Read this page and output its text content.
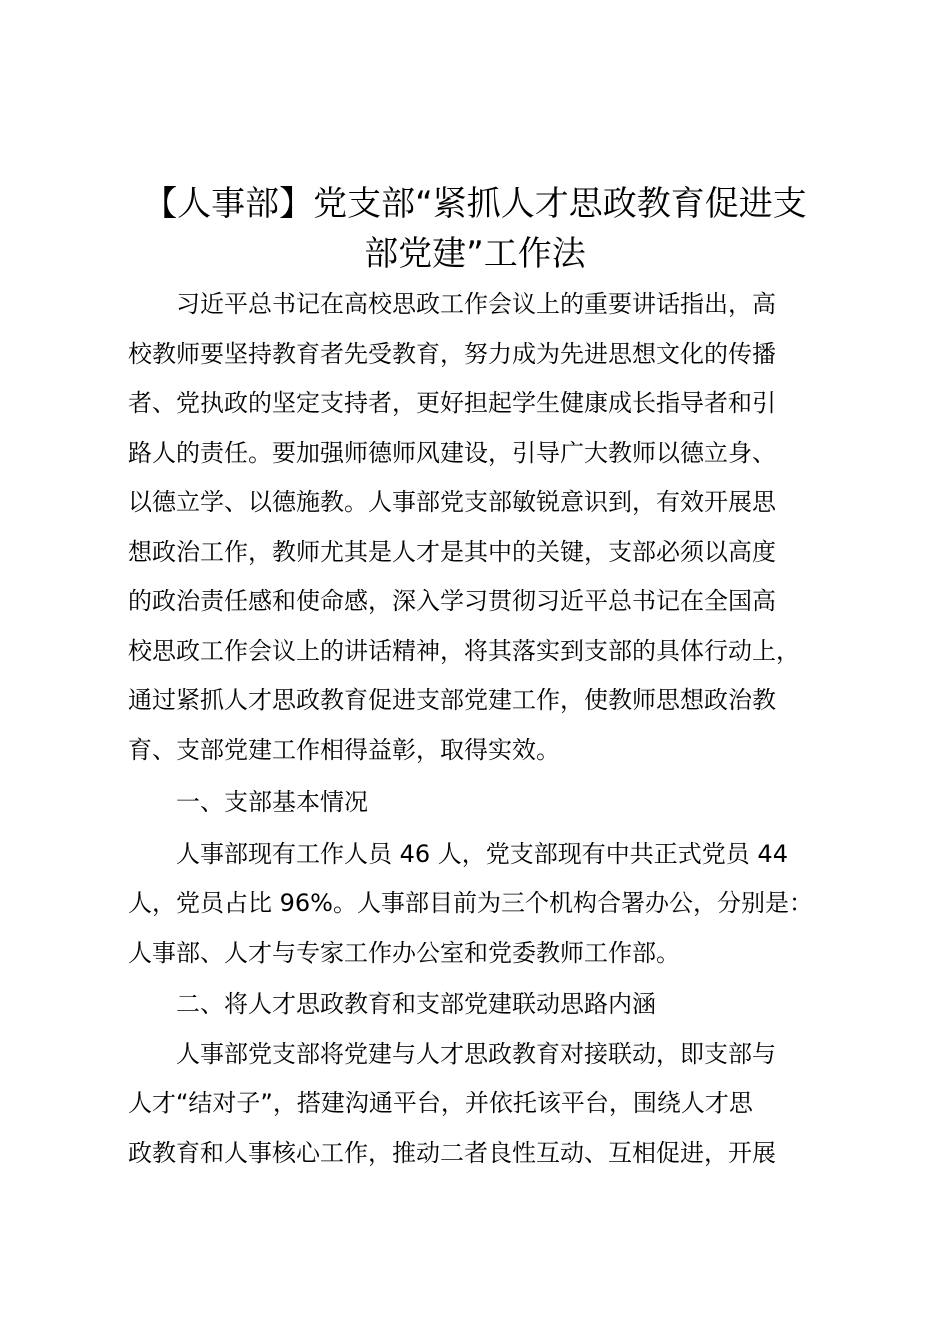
【人事部】党支部“紧抓人才思政教育促进支
部党建”工作法

习近平总书记在高校思政工作会议上的重要讲话指出，高

校教师要坚持教育者先受教育，努力成为先进思想文化的传播

者、党执政的坚定支持者，更好担起学生健康成长指导者和引

路人的责任。要加强师德师风建设，引导广大教师以德立身、

以德立学、以德施教。人事部党支部敏锐意识到，有效开展思

想政治工作，教师尤其是人才是其中的关键，支部必须以高度

的政治责任感和使命感，深入学习贯彻习近平总书记在全国高

校思政工作会议上的讲话精神，将其落实到支部的具体行动上，

通过紧抓人才思政教育促进支部党建工作，使教师思想政治教

育、支部党建工作相得益彰，取得实效。

一、支部基本情况

人事部现有工作人员 46 人，党支部现有中共正式党员 44

人，党员占比 96%。人事部目前为三个机构合署办公，分别是：

人事部、人才与专家工作办公室和党委教师工作部。

二、将人才思政教育和支部党建联动思路内涵

人事部党支部将党建与人才思政教育对接联动，即支部与

人才“结对子”，搭建沟通平台，并依托该平台，围绕人才思

政教育和人事核心工作，推动二者良性互动、互相促进，开展
